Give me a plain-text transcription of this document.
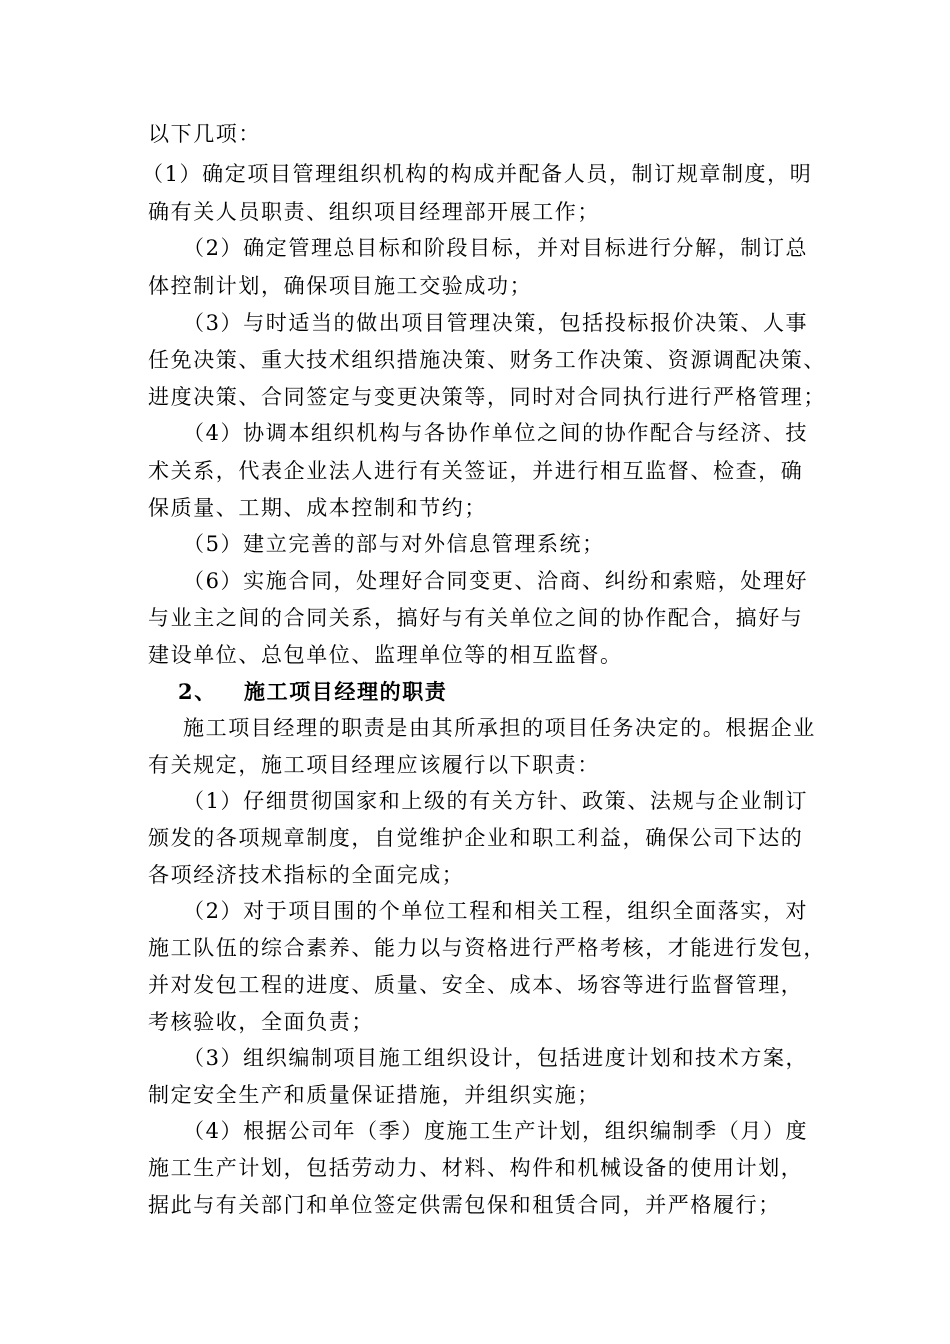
以下几项：
（1）确定项目管理组织机构的构成并配备人员，制订规章制度，明
确有关人员职责、组织项目经理部开展工作；
（2）确定管理总目标和阶段目标，并对目标进行分解，制订总
体控制计划，确保项目施工交验成功；
（3）与时适当的做出项目管理决策，包括投标报价决策、人事
任免决策、重大技术组织措施决策、财务工作决策、资源调配决策、
进度决策、合同签定与变更决策等，同时对合同执行进行严格管理；
（4）协调本组织机构与各协作单位之间的协作配合与经济、技
术关系，代表企业法人进行有关签证，并进行相互监督、检查，确
保质量、工期、成本控制和节约；
（5）建立完善的部与对外信息管理系统；
（6）实施合同，处理好合同变更、洽商、纠纷和索赔，处理好
与业主之间的合同关系，搞好与有关单位之间的协作配合，搞好与
建设单位、总包单位、监理单位等的相互监督。
2、 施工项目经理的职责
施工项目经理的职责是由其所承担的项目任务决定的。根据企业
有关规定，施工项目经理应该履行以下职责：
（1）仔细贯彻国家和上级的有关方针、政策、法规与企业制订
颁发的各项规章制度，自觉维护企业和职工利益，确保公司下达的
各项经济技术指标的全面完成；
（2）对于项目围的个单位工程和相关工程，组织全面落实，对
施工队伍的综合素养、能力以与资格进行严格考核，才能进行发包，
并对发包工程的进度、质量、安全、成本、场容等进行监督管理，
考核验收，全面负责；
（3）组织编制项目施工组织设计，包括进度计划和技术方案，
制定安全生产和质量保证措施，并组织实施；
（4）根据公司年（季）度施工生产计划，组织编制季（月）度
施工生产计划，包括劳动力、材料、构件和机械设备的使用计划，
据此与有关部门和单位签定供需包保和租赁合同，并严格履行；
